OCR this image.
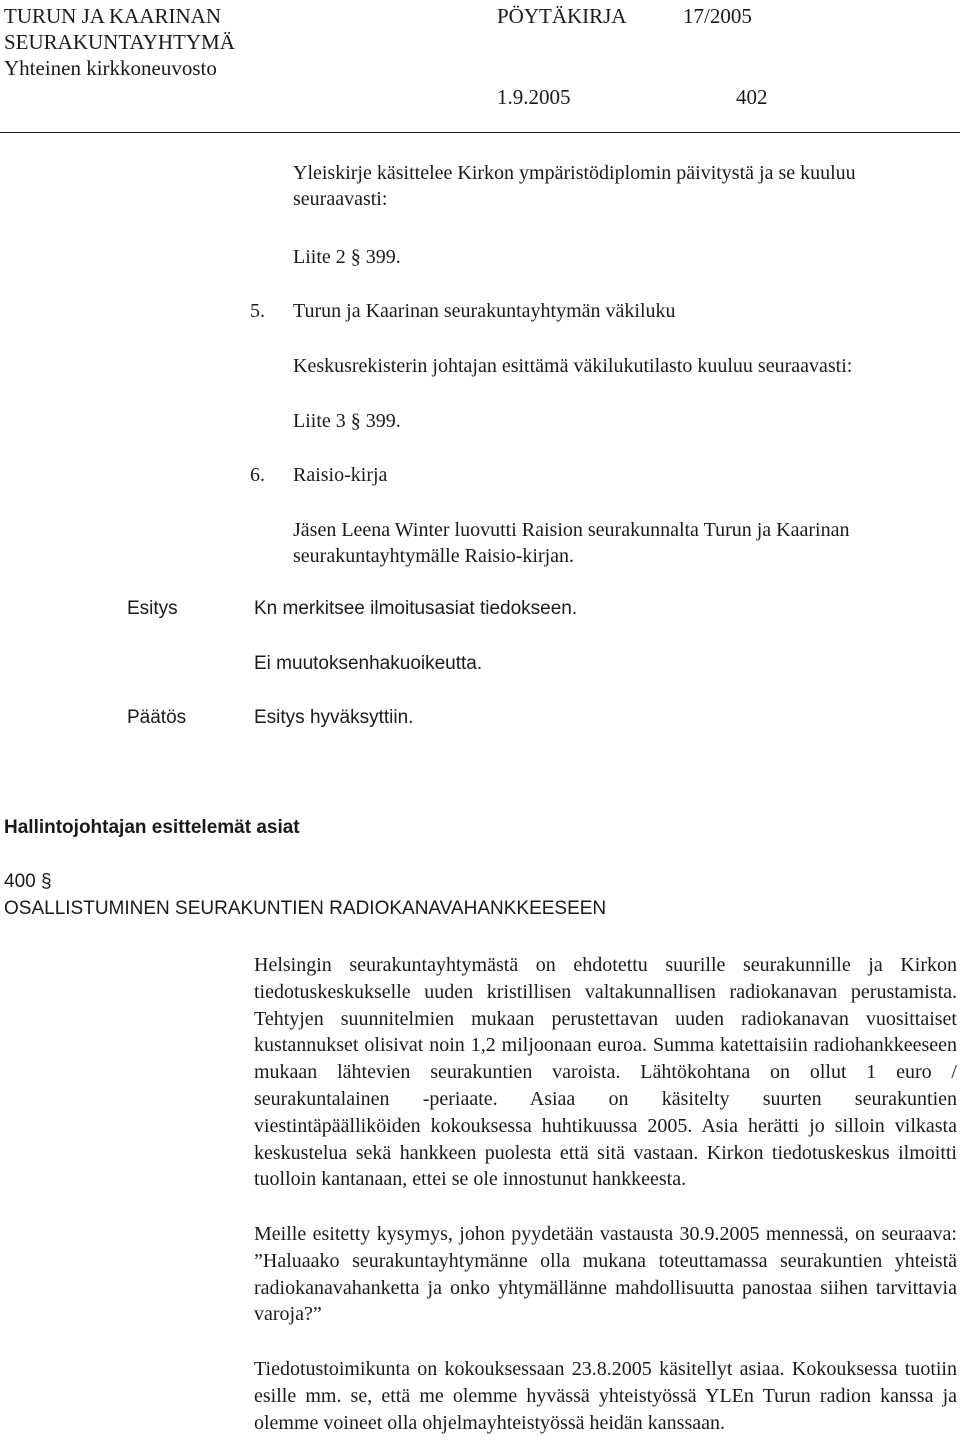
TURUN JA KAARINAN
SEURAKUNTAYHTYMÄ
Yhteinen kirkkoneuvosto
PÖYTÄKIRJA	17/2005
1.9.2005	402
Yleiskirje käsittelee Kirkon ympäristödiplomin päivitystä ja se kuuluu
seuraavasti:
Liite 2 § 399.
5. Turun ja Kaarinan seurakuntayhtymän väkiluku
Keskusrekisterin johtajan esittämä väkilukutilasto kuuluu seuraavasti:
Liite 3 § 399.
6. Raisio-kirja
Jäsen Leena Winter luovutti Raision seurakunnalta Turun ja Kaarinan
seurakuntayhtymälle Raisio-kirjan.
Esitys	Kn merkitsee ilmoitusasiat tiedokseen.
Ei muutoksenhakuoikeutta.
Päätös	Esitys hyväksyttiin.
Hallintojohtajan esittelemät asiat
400 §
OSALLISTUMINEN SEURAKUNTIEN RADIOKANAVAHANKKEESEEN
Helsingin seurakuntayhtymästä on ehdotettu suurille seurakunnille ja Kirkon tiedotuskeskukselle uuden kristillisen valtakunnallisen radiokanavan perustamista. Tehtyjen suunnitelmien mukaan perustettavan uuden radiokanavan vuosittaiset kustannukset olisivat noin 1,2 miljoonaan euroa. Summa katettaisiin radiohankkeeseen mukaan lähtevien seurakuntien varoista. Lähtökohtana on ollut 1 euro / seurakuntalainen -periaate. Asiaa on käsitelty suurten seurakuntien viestintäpäälliköiden kokouksessa huhtikuussa 2005. Asia herätti jo silloin vilkasta keskustelua sekä hankkeen puolesta että sitä vastaan. Kirkon tiedotuskeskus ilmoitti tuolloin kantanaan, ettei se ole innostunut hankkeesta.
Meille esitetty kysymys, johon pyydetään vastausta 30.9.2005 mennessä, on seuraava: ”Haluaako seurakuntayhtymänne olla mukana toteuttamassa seurakuntien yhteistä radiokanavahanketta ja onko yhtymällänne mahdollisuutta panostaa siihen tarvittavia varoja?”
Tiedotustoimikunta on kokouksessaan 23.8.2005 käsitellyt asiaa. Kokouksessa tuotiin esille mm. se, että me olemme hyvässä yhteistyössä YLEn Turun radion kanssa ja olemme voineet olla ohjelmayhteistyössä heidän kanssaan.
